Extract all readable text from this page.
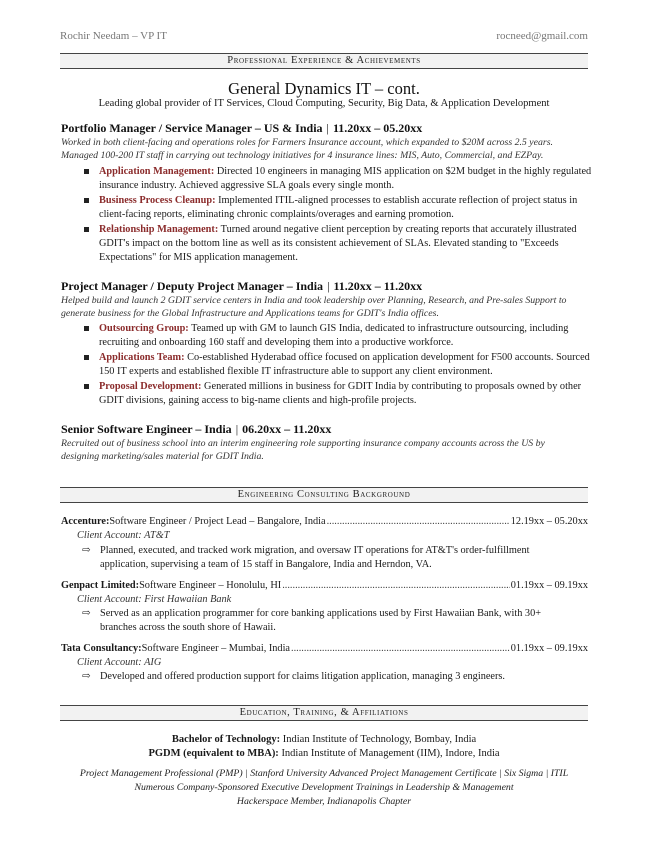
Rochir Needam – VP IT	rocneed@gmail.com
Professional Experience & Achievements
General Dynamics IT – cont.
Leading global provider of IT Services, Cloud Computing, Security, Big Data, & Application Development
Portfolio Manager / Service Manager – US & India | 11.20xx – 05.20xx
Worked in both client-facing and operations roles for Farmers Insurance account, which expanded to $20M across 2.5 years.
Managed 100-200 IT staff in carrying out technology initiatives for 4 insurance lines: MIS, Auto, Commercial, and EZPay.
Application Management: Directed 10 engineers in managing MIS application on $2M budget in the highly regulated insurance industry. Achieved aggressive SLA goals every single month.
Business Process Cleanup: Implemented ITIL-aligned processes to establish accurate reflection of project status in client-facing reports, eliminating chronic complaints/overages and earning promotion.
Relationship Management: Turned around negative client perception by creating reports that accurately illustrated GDIT's impact on the bottom line as well as its consistent achievement of SLAs. Elevated standing to "Exceeds Expectations" for MIS application management.
Project Manager / Deputy Project Manager – India | 11.20xx – 11.20xx
Helped build and launch 2 GDIT service centers in India and took leadership over Planning, Research, and Pre-sales Support to
generate business for the Global Infrastructure and Applications teams for GDIT's India offices.
Outsourcing Group: Teamed up with GM to launch GIS India, dedicated to infrastructure outsourcing, including recruiting and onboarding 160 staff and developing them into a productive workforce.
Applications Team: Co-established Hyderabad office focused on application development for F500 accounts. Sourced 150 IT experts and established flexible IT infrastructure able to support any client environment.
Proposal Development: Generated millions in business for GDIT India by contributing to proposals owned by other GDIT divisions, gaining access to big-name clients and high-profile projects.
Senior Software Engineer – India | 06.20xx – 11.20xx
Recruited out of business school into an interim engineering role supporting insurance company accounts across the US by
designing marketing/sales material for GDIT India.
Engineering Consulting Background
Accenture: Software Engineer / Project Lead – Bangalore, India .....	12.19xx – 05.20xx
Client Account: AT&T
⇨ Planned, executed, and tracked work migration, and oversaw IT operations for AT&T's order-fulfillment application, supervising a team of 15 staff in Bangalore, India and Herndon, VA.
Genpact Limited: Software Engineer – Honolulu, HI .....	01.19xx – 09.19xx
Client Account: First Hawaiian Bank
⇨ Served as an application programmer for core banking applications used by First Hawaiian Bank, with 30+ branches across the south shore of Hawaii.
Tata Consultancy: Software Engineer – Mumbai, India .....	01.19xx – 09.19xx
Client Account: AIG
⇨ Developed and offered production support for claims litigation application, managing 3 engineers.
Education, Training, & Affiliations
Bachelor of Technology: Indian Institute of Technology, Bombay, India
PGDM (equivalent to MBA): Indian Institute of Management (IIM), Indore, India
Project Management Professional (PMP) | Stanford University Advanced Project Management Certificate | Six Sigma | ITIL
Numerous Company-Sponsored Executive Development Trainings in Leadership & Management
Hackerspace Member, Indianapolis Chapter
